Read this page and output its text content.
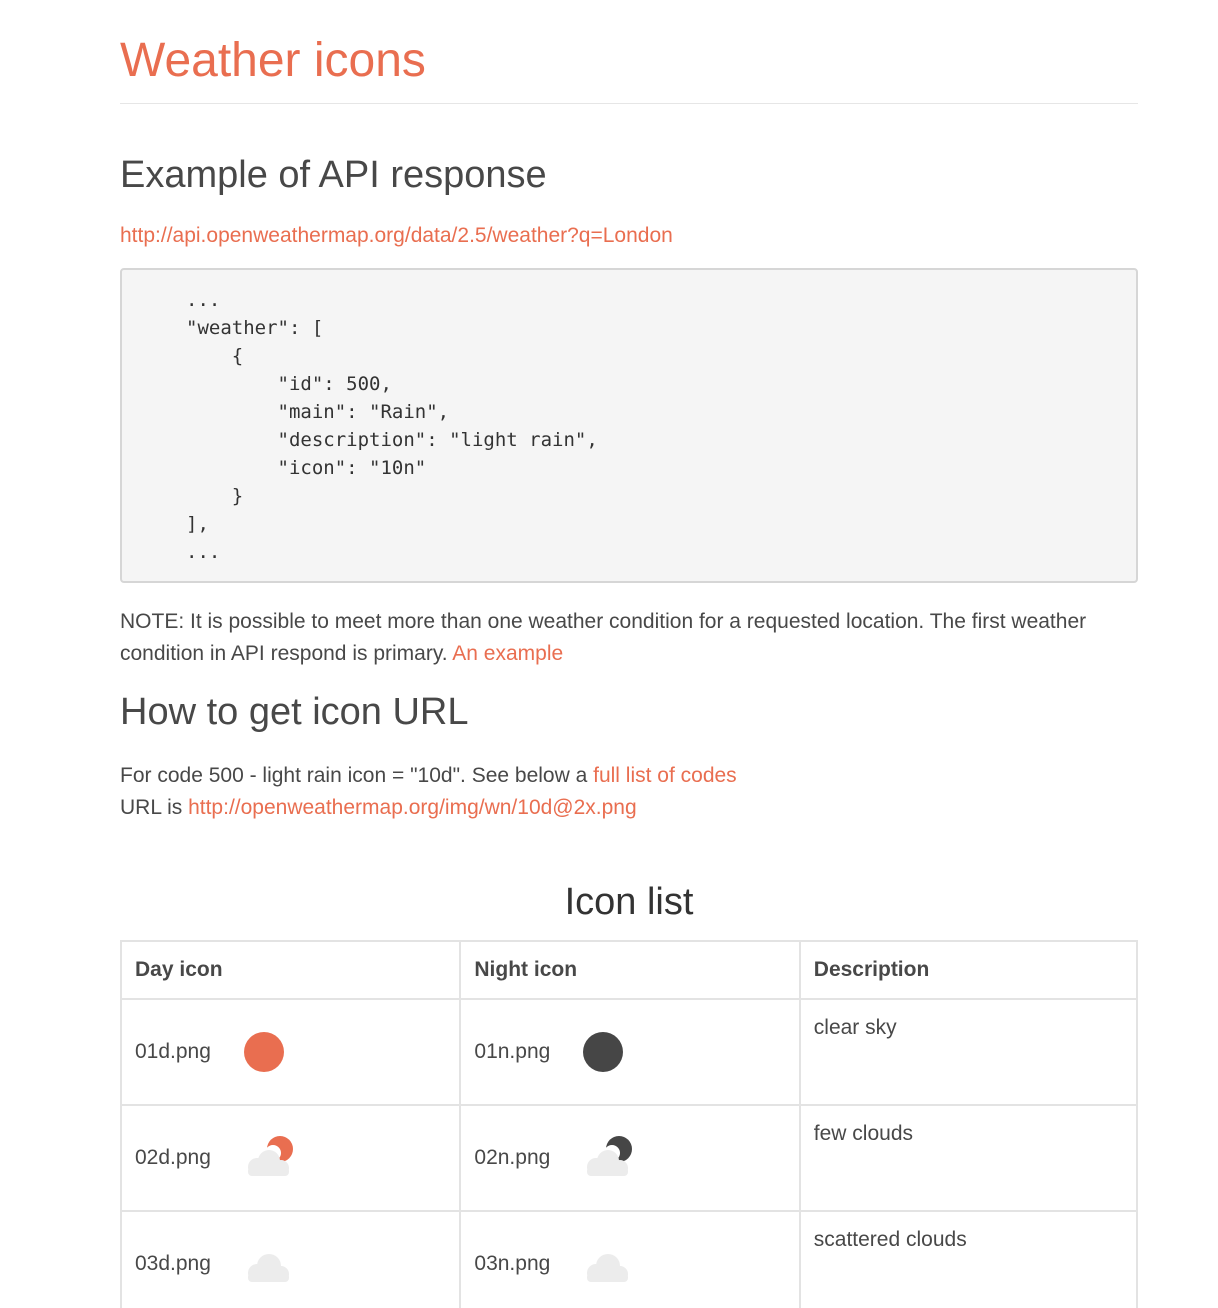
Weather icons
Example of API response
http://api.openweathermap.org/data/2.5/weather?q=London
...
"weather": [
{
"id": 500,
"main": "Rain",
"description": "light rain",
"icon": "10n"
}
],
...
NOTE: It is possible to meet more than one weather condition for a requested location. The first weather condition in API respond is primary. An example
How to get icon URL
For code 500 - light rain icon = "10d". See below a full list of codes
URL is http://openweathermap.org/img/wn/10d@2x.png
Icon list
Day icon	Night icon	Description

01d.png	01n.png	clear sky

02d.png	02n.png	few clouds

03d.png	03n.png	scattered clouds
